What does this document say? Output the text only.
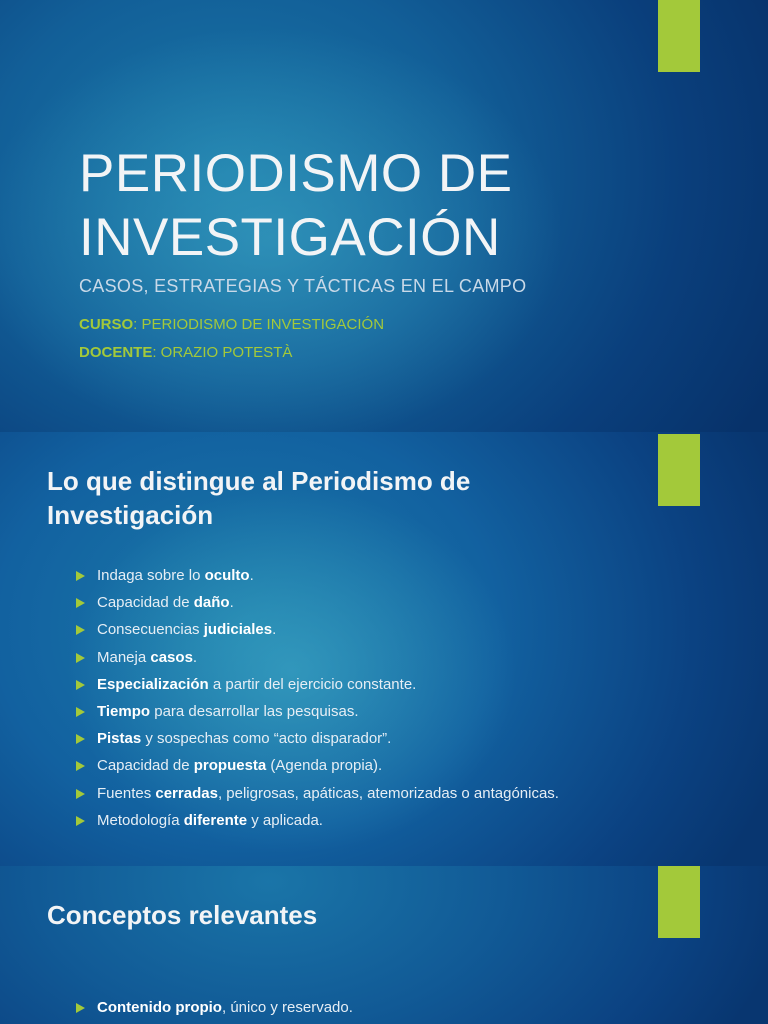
PERIODISMO DE
INVESTIGACIÓN
CASOS, ESTRATEGIAS Y TÁCTICAS EN EL CAMPO
CURSO: PERIODISMO DE INVESTIGACIÓN
DOCENTE: ORAZIO POTESTÀ
Lo que distingue al Periodismo de
Investigación
Indaga sobre lo oculto.
Capacidad de daño.
Consecuencias judiciales.
Maneja casos.
Especialización a partir del ejercicio constante.
Tiempo para desarrollar las pesquisas.
Pistas y sospechas como “acto disparador”.
Capacidad de propuesta (Agenda propia).
Fuentes cerradas, peligrosas, apáticas, atemorizadas o antagónicas.
Metodología diferente y aplicada.
Conceptos relevantes
Contenido propio, único y reservado.
